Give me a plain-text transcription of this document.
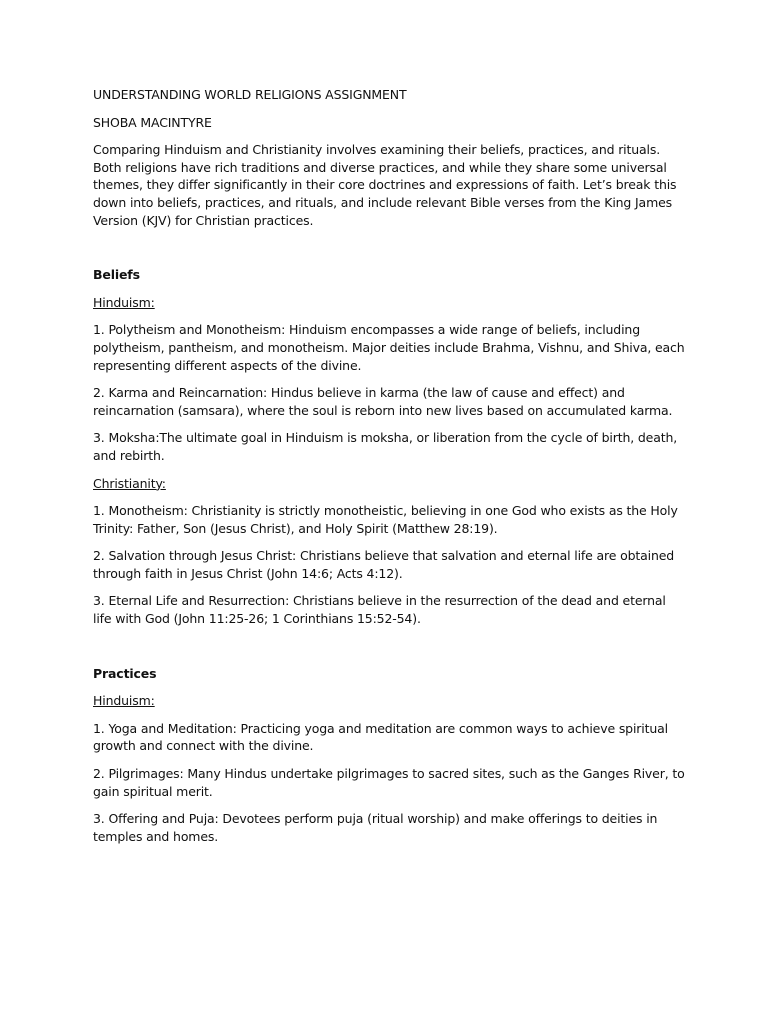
UNDERSTANDING WORLD RELIGIONS ASSIGNMENT

SHOBA MACINTYRE

Comparing Hinduism and Christianity involves examining their beliefs, practices, and rituals. Both religions have rich traditions and diverse practices, and while they share some universal themes, they differ significantly in their core doctrines and expressions of faith. Let’s break this down into beliefs, practices, and rituals, and include relevant Bible verses from the King James Version (KJV) for Christian practices.

Beliefs

Hinduism:

1. Polytheism and Monotheism: Hinduism encompasses a wide range of beliefs, including polytheism, pantheism, and monotheism. Major deities include Brahma, Vishnu, and Shiva, each representing different aspects of the divine.

2. Karma and Reincarnation: Hindus believe in karma (the law of cause and effect) and reincarnation (samsara), where the soul is reborn into new lives based on accumulated karma.

3. Moksha:The ultimate goal in Hinduism is moksha, or liberation from the cycle of birth, death, and rebirth.

Christianity:

1. Monotheism: Christianity is strictly monotheistic, believing in one God who exists as the Holy Trinity: Father, Son (Jesus Christ), and Holy Spirit (Matthew 28:19).

2. Salvation through Jesus Christ: Christians believe that salvation and eternal life are obtained through faith in Jesus Christ (John 14:6; Acts 4:12).

3. Eternal Life and Resurrection: Christians believe in the resurrection of the dead and eternal life with God (John 11:25-26; 1 Corinthians 15:52-54).

Practices

Hinduism:

1. Yoga and Meditation: Practicing yoga and meditation are common ways to achieve spiritual growth and connect with the divine.

2. Pilgrimages: Many Hindus undertake pilgrimages to sacred sites, such as the Ganges River, to gain spiritual merit.

3. Offering and Puja: Devotees perform puja (ritual worship) and make offerings to deities in temples and homes.
